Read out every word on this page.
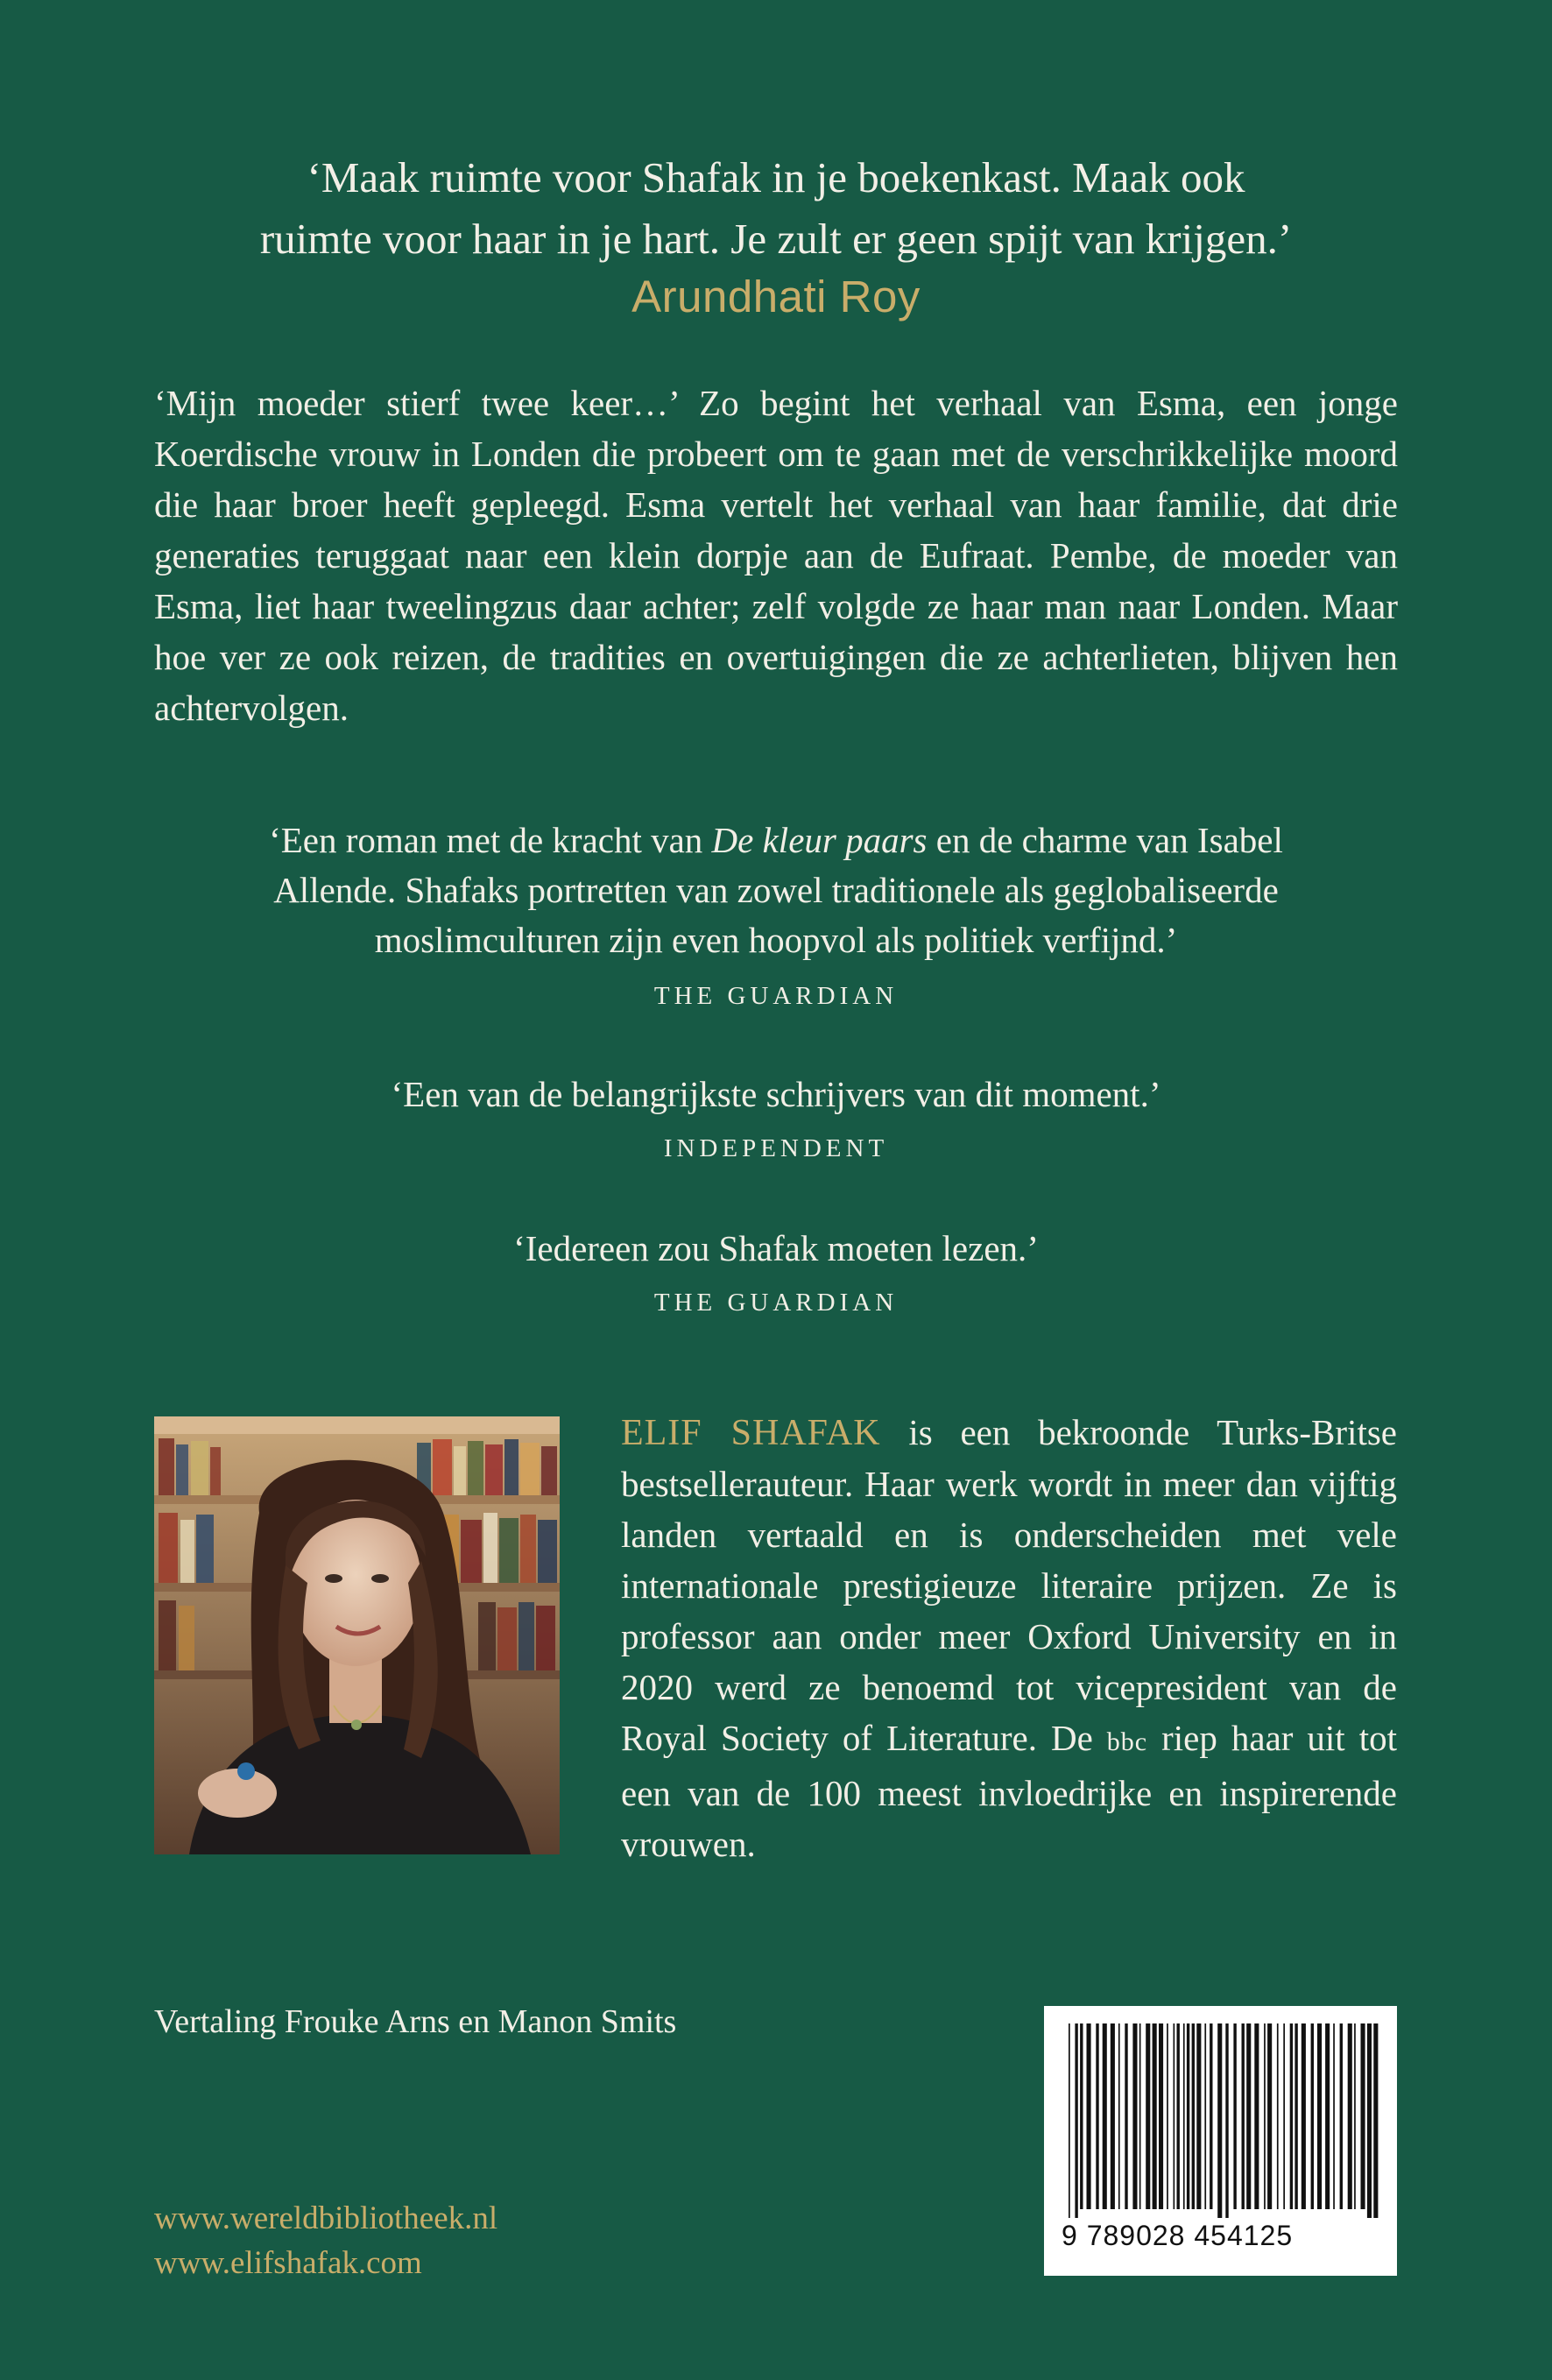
‘Maak ruimte voor Shafak in je boekenkast. Maak ook
ruimte voor haar in je hart. Je zult er geen spijt van krijgen.’
Arundhati Roy

‘Mijn moeder stierf twee keer…’ Zo begint het verhaal van Esma, een jonge Koerdische vrouw in Londen die probeert om te gaan met de verschrikkelijke moord die haar broer heeft gepleegd. Esma vertelt het verhaal van haar familie, dat drie generaties teruggaat naar een klein dorpje aan de Eufraat. Pembe, de moeder van Esma, liet haar tweelingzus daar achter; zelf volgde ze haar man naar Londen. Maar hoe ver ze ook reizen, de tradities en overtuigingen die ze achterlieten, blijven hen achtervolgen.

‘Een roman met de kracht van De kleur paars en de charme van Isabel
Allende. Shafaks portretten van zowel traditionele als geglobaliseerde
moslimculturen zijn even hoopvol als politiek verfijnd.’
THE GUARDIAN
‘Een van de belangrijkste schrijvers van dit moment.’
INDEPENDENT
‘Iedereen zou Shafak moeten lezen.’
THE GUARDIAN

ELIF SHAFAK is een bekroonde Turks-Britse bestsellerauteur. Haar werk wordt in meer dan vijftig landen vertaald en is onderscheiden met vele internationale prestigieuze literaire prijzen. Ze is professor aan onder meer Oxford University en in 2020 werd ze benoemd tot vicepresident van de Royal Society of Literature. De bbc riep haar uit tot een van de 100 meest invloedrijke en inspirerende vrouwen.

Vertaling Frouke Arns en Manon Smits
www.wereldbibliotheek.nl
www.elifshafak.com
9 789028 454125
